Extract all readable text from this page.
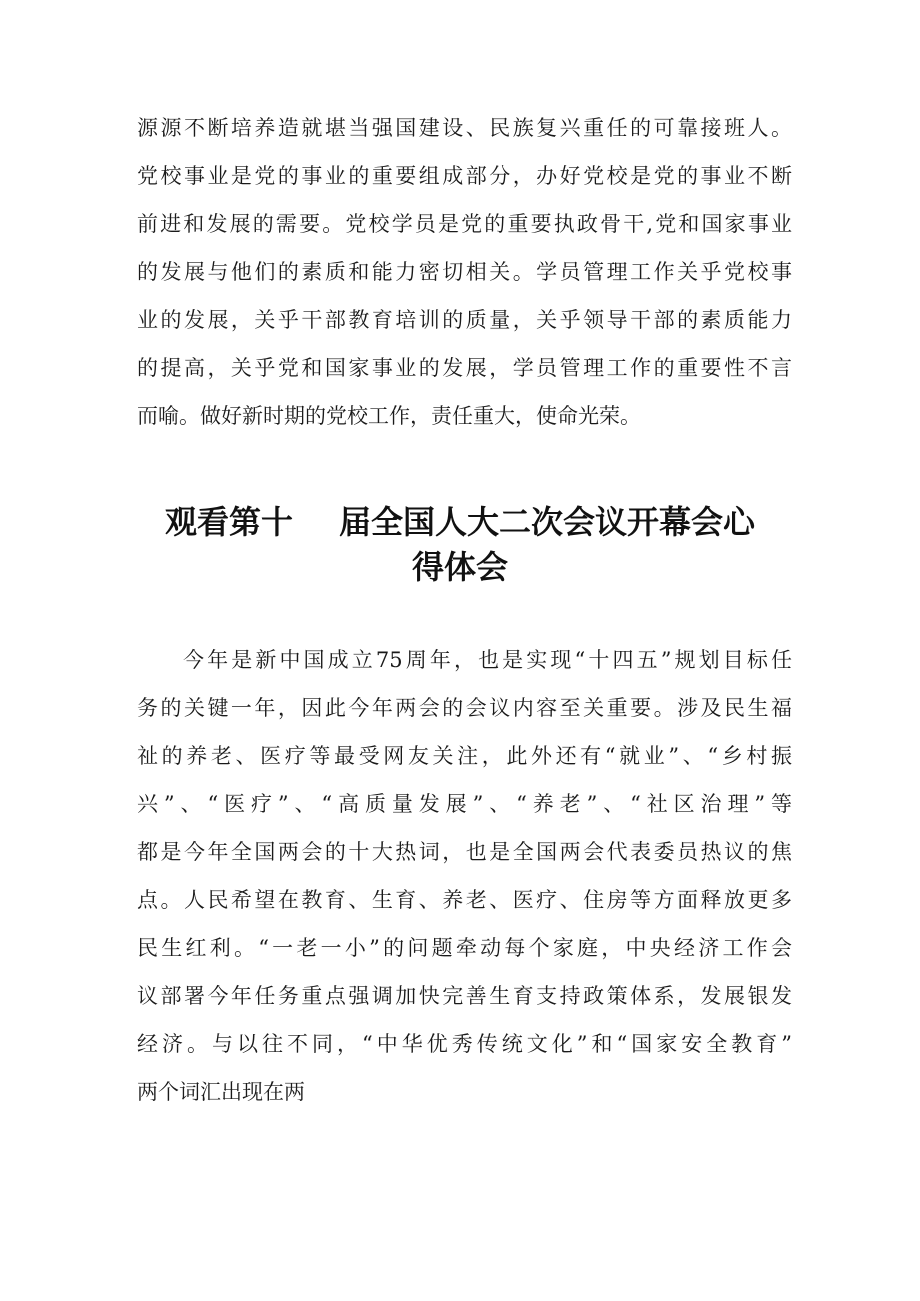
源源不断培养造就堪当强国建设、民族复兴重任的可靠接班人。
党校事业是党的事业的重要组成部分，办好党校是党的事业不断
前进和发展的需要。党校学员是党的重要执政骨干,党和国家事业
的发展与他们的素质和能力密切相关。学员管理工作关乎党校事
业的发展，关乎干部教育培训的质量，关乎领导干部的素质能力
的提高，关乎党和国家事业的发展，学员管理工作的重要性不言
而喻。做好新时期的党校工作，责任重大，使命光荣。
观看第十 届全国人大二次会议开幕会心
得体会
今年是新中国成立75周年，也是实现“十四五”规划目标任
务的关键一年，因此今年两会的会议内容至关重要。涉及民生福
祉的养老、医疗等最受网友关注，此外还有“就业”、“乡村振
兴”、“医疗”、“高质量发展”、“养老”、“社区治理”等
都是今年全国两会的十大热词，也是全国两会代表委员热议的焦
点。人民希望在教育、生育、养老、医疗、住房等方面释放更多
民生红利。“一老一小”的问题牵动每个家庭，中央经济工作会
议部署今年任务重点强调加快完善生育支持政策体系，发展银发
经济。与以往不同，“中华优秀传统文化”和“国家安全教育”
两个词汇出现在两
